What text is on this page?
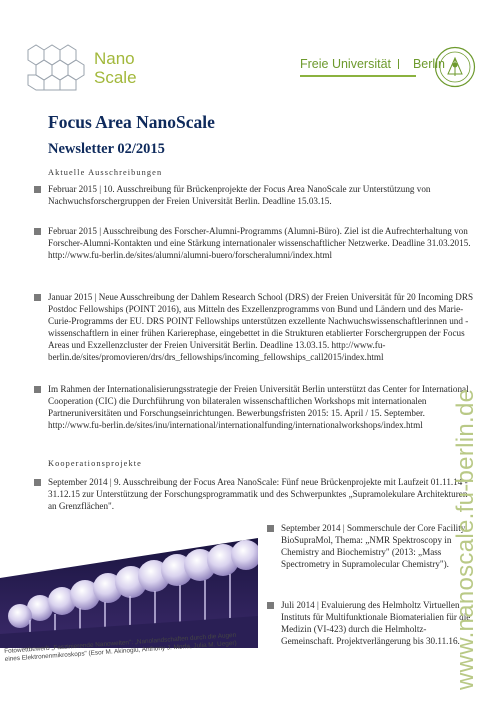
Nano
Scale
Freie Universität Berlin
Focus Area NanoScale
Newsletter 02/2015
Aktuelle Ausschreibungen

Februar 2015 | 10. Ausschreibung für Brückenprojekte der Focus Area NanoScale zur Unterstützung von Nachwuchsforschergruppen der Freien Universität Berlin. Deadline 15.03.15.

Februar 2015 | Ausschreibung des Forscher-Alumni-Programms (Alumni-Büro). Ziel ist die Aufrechterhaltung von Forscher-Alumni-Kontakten und eine Stärkung internationaler wissenschaftlicher Netzwerke. Deadline 31.03.2015. http://www.fu-berlin.de/sites/alumni/alumni-buero/forscheralumni/index.html

Januar 2015 | Neue Ausschreibung der Dahlem Research School (DRS) der Freien Universität für 20 Incoming DRS Postdoc Fellowships (POINT 2016), aus Mitteln des Exzellenzprogramms von Bund und Ländern und des Marie-Curie-Programms der EU. DRS POINT Fellowships unterstützen exzellente Nachwuchswissenschaftlerinnen und -wissenschaftlern in einer frühen Karierephase, eingebettet in die Strukturen etablierter Forschergruppen der Focus Areas und Exzellenzcluster der Freien Universität Berlin. Deadline 13.03.15. http://www.fu-berlin.de/sites/promovieren/drs/drs_fellowships/incoming_fellowships_call2015/index.html

Im Rahmen der Internationalisierungsstrategie der Freien Universität Berlin unterstützt das Center for International Cooperation (CIC) die Durchführung von bilateralen wissenschaftlichen Workshops mit internationalen Partneruniversitäten und Forschungseinrichtungen. Bewerbungsfristen 2015: 15. April / 15. September. http://www.fu-berlin.de/sites/inu/international/internationalfunding/internationalworkshops/index.html

Kooperationsprojekte

September 2014 | 9. Ausschreibung der Focus Area NanoScale: Fünf neue Brückenprojekte mit Laufzeit 01.11.14 - 31.12.15 zur Unterstützung der Forschungsprogrammatik und des Schwerpunktes „Supramolekulare Architekturen an Grenzflächen".

September 2014 | Sommerschule der Core Facility BioSupraMol, Thema: „NMR Spektroscopy in Chemistry and Biochemistry" (2013: „Mass Spectrometry in Supramolecular Chemistry").

Juli 2014 | Evaluierung des Helmholtz Virtuellen Instituts für Multifunktionale Biomaterialien für die Medizin (VI-423) durch die Helmholtz-Gemeinschaft. Projektverlängerung bis 30.11.16.

Fotowettbewerb „Faszinierende Nanowelten": „Nanolandschaften durch die Augen eines Elektronenmikroskops" (Esor M. Akinoglu, Anthony J. Morfa, Julia M. Ueger)	www.nanoscale.fu-berlin.de
